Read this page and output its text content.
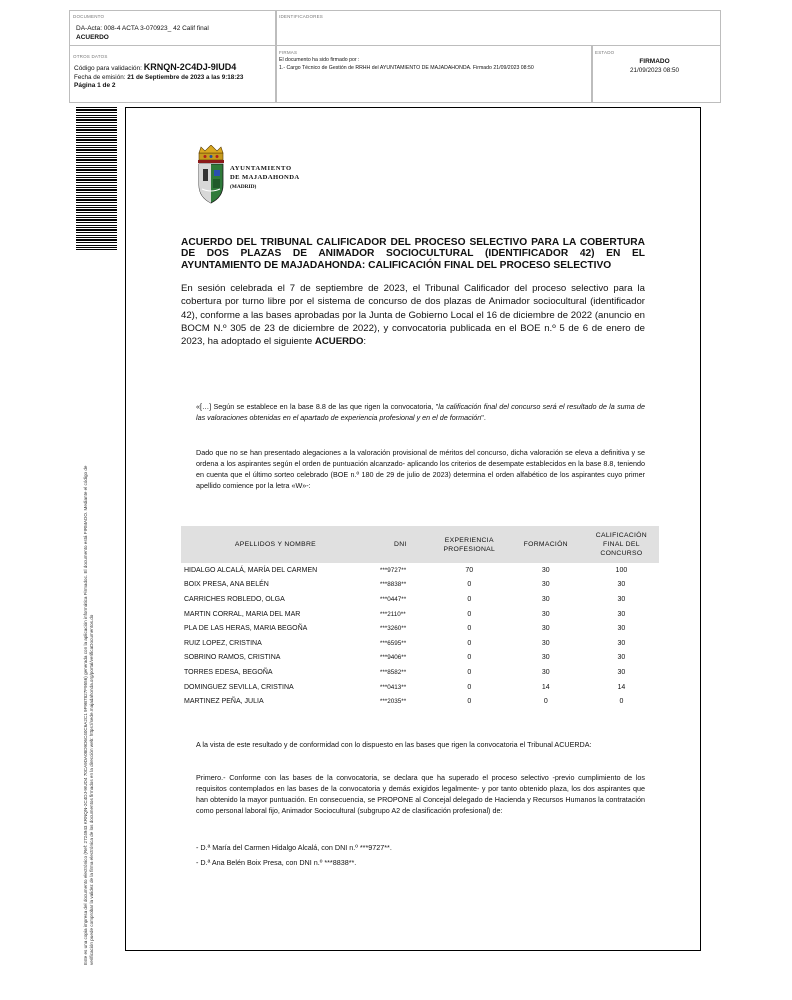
DOCUMENTO
DA-Acta: 008-4 ACTA 3-070923_ 42 Calif final
ACUERDO
IDENTIFICADORES
OTROS DATOS
Código para validación: KRNQN-2C4DJ-9IUD4
Fecha de emisión: 21 de Septiembre de 2023 a las 9:18:23
Página 1 de 2
FIRMAS
El documento ha sido firmado por :
1.- Cargo Técnico de Gestión de RRHH del AYUNTAMIENTO DE MAJADAHONDA. Firmado 21/09/2023 08:50
ESTADO
FIRMADO
21/09/2023 08:50
Este es una copia impresa del documento electrónico (Ref: 2724943 KRNQN-2C4DJ-9IUD4 70CA9DA08D9D6C40C6A2C1 9F9B7827F9556) generada con la aplicación informática Firmadoc. El documento está FIRMADO. Mediante el código de verificación puede comprobar la validez de la firma electrónica de los documentos firmados en la dirección web: https://sede.majadahonda.org/portal/verificaDocumentos.do
AYUNTAMIENTO
DE MAJADAHONDA
(MADRID)
ACUERDO DEL TRIBUNAL CALIFICADOR DEL PROCESO SELECTIVO PARA LA COBERTURA DE DOS PLAZAS DE ANIMADOR SOCIOCULTURAL (IDENTIFICADOR 42) EN EL AYUNTAMIENTO DE MAJADAHONDA: CALIFICACIÓN FINAL DEL PROCESO SELECTIVO
En sesión celebrada el 7 de septiembre de 2023, el Tribunal Calificador del proceso selectivo para la cobertura por turno libre por el sistema de concurso de dos plazas de Animador sociocultural (identificador 42), conforme a las bases aprobadas por la Junta de Gobierno Local el 16 de diciembre de 2022 (anuncio en BOCM N.º 305 de 23 de diciembre de 2022), y convocatoria publicada en el BOE n.º 5 de 6 de enero de 2023, ha adoptado el siguiente ACUERDO:
«[…] Según se establece en la base 8.8 de las que rigen la convocatoria, "la calificación final del concurso será el resultado de la suma de las valoraciones obtenidas en el apartado de experiencia profesional y en el de formación".
Dado que no se han presentado alegaciones a la valoración provisional de méritos del concurso, dicha valoración se eleva a definitiva y se ordena a los aspirantes según el orden de puntuación alcanzado- aplicando los criterios de desempate establecidos en la base 8.8, teniendo en cuenta que el último sorteo celebrado (BOE n.º 180 de 29 de julio de 2023) determina el orden alfabético de los aspirantes cuyo primer apellido comience por la letra «W»-:
APELLIDOS Y NOMBRE	DNI	EXPERIENCIA PROFESIONAL	FORMACIÓN	CALIFICACIÓN FINAL DEL CONCURSO
HIDALGO ALCALÁ, MARÍA DEL CARMEN	***9727**	70	30	100
BOIX PRESA, ANA BELÉN	***8838**	0	30	30
CARRICHES ROBLEDO, OLGA	***0447**	0	30	30
MARTIN CORRAL, MARIA DEL MAR	***2110**	0	30	30
PLA DE LAS HERAS, MARIA BEGOÑA	***3260**	0	30	30
RUIZ LOPEZ, CRISTINA	***6595**	0	30	30
SOBRINO RAMOS, CRISTINA	***9406**	0	30	30
TORRES EDESA, BEGOÑA	***8582**	0	30	30
DOMINGUEZ SEVILLA, CRISTINA	***0413**	0	14	14
MARTINEZ PEÑA, JULIA	***2035**	0	0	0
A la vista de este resultado y de conformidad con lo dispuesto en las bases que rigen la convocatoria el Tribunal ACUERDA:
Primero.- Conforme con las bases de la convocatoria, se declara que ha superado el proceso selectivo -previo cumplimiento de los requisitos contemplados en las bases de la convocatoria y demás exigidos legalmente- y por tanto obtenido plaza, los dos aspirantes que han obtenido la mayor puntuación. En consecuencia, se PROPONE al Concejal delegado de Hacienda y Recursos Humanos la contratación como personal laboral fijo, Animador Sociocultural (subgrupo A2 de clasificación profesional) de:
- D.ª María del Carmen Hidalgo Alcalá, con DNI n.º ***9727**.
- D.ª Ana Belén Boix Presa, con DNI n.º ***8838**.
